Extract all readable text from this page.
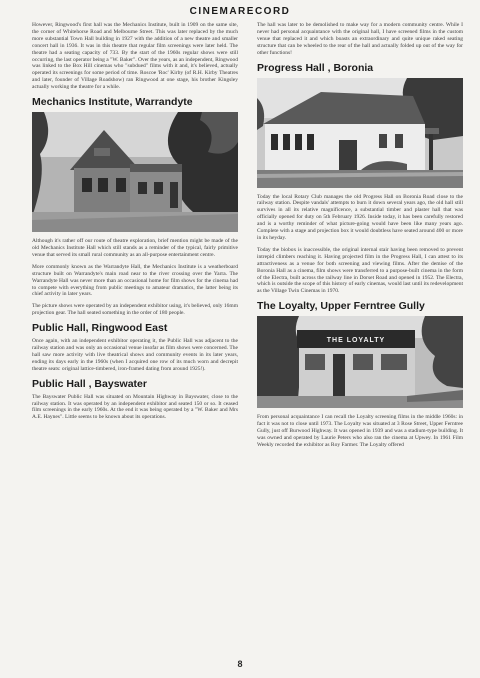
CINEMARECORD

However, Ringwood's first hall was the Mechanics Institute, built in 1909 on the same site, the corner of Whitehorse Road and Melbourne Street. This was later replaced by the much more substantial Town Hall building in 1927 with the addition of a new theatre and smaller concert hall in 1936. It was in this theatre that regular film screenings were later held. The theatre had a seating capacity of 733. By the start of the 1960s regular shows were still occurring, the last operator being a "W. Baker". Over the years, as an independent, Ringwood was linked to the Box Hill cinemas who "subdued" films with it and, it's believed, actually operated its screenings for some period of time. Roscoe 'Roc' Kirby (of R.H. Kirby Theatres and later, founder of Village Roadshow) ran Ringwood at one stage, his brother Kingsley actually working the theatre for a while.

Mechanics Institute, Warrandyte

Although it's rather off our route of theatre exploration, brief mention might be made of the old Mechanics Institute Hall which still stands as a reminder of the typical, fairly primitive venue that served its small rural community as an all-purpose entertainment centre.

More commonly known as the Warrandyte Hall, the Mechanics Institute is a weatherboard structure built on Warrandyte's main road near to the river crossing over the Yarra. The Warrandyte Hall was never more than an occasional home for film shows for the cinema had to compete with everything from public meetings to amateur dramatics, the latter being its chief activity in later years.

The picture shows were operated by an independent exhibitor using, it's believed, only 16mm projection gear. The hall seated something in the order of 180 people.

Public Hall, Ringwood East

Once again, with an independent exhibitor operating it, the Public Hall was adjacent to the railway station and was only an occasional venue insofar as film shows were concerned. The hall saw more activity with live theatrical shows and community events in its later years, ending its days early in the 1960s (when I acquired one row of its much worn and decrepit theatre seats: original lattice-timbered, iron-framed dating from around 1925!).

Public Hall , Bayswater

The Bayswater Public Hall was situated on Mountain Highway in Bayswater, close to the railway station. It was operated by an independent exhibitor and seated 150 or so. It ceased film screenings in the early 1960s. At the end it was being operated by a "W. Baker and Mrs A.E. Haynes". Little seems to be known about its operations.

The hall was later to be demolished to make way for a modern community centre. While I never had personal acquaintance with the original hall, I have screened films in the custom venue that replaced it and which boasts an extraordinary and quite unique raked seating structure that can be wheeled to the rear of the hall and actually folded up out of the way for other functions!

Progress Hall , Boronia

Today the local Rotary Club manages the old Progress Hall on Boronia Road close to the railway station. Despite vandals' attempts to burn it down several years ago, the old hall still survives in all its relative magnificence, a substantial timber and plaster hall that was officially opened for duty on 5th February 1926. Inside today, it has been carefully restored and is a worthy reminder of what picture-going would have been like many years ago. Complete with a stage and projection box it would doubtless have seated around 400 or more in its heyday.

Today the biobox is inaccessible, the original internal stair having been removed to prevent intrepid climbers reaching it. Having projected film in the Progress Hall, I can attest to its attractiveness as a venue for both screening and viewing films. After the demise of the Boronia Hall as a cinema, film shows were transferred to a purpose-built cinema in the form of the Electra, built across the railway line in Dorset Road and opened in 1952. The Electra, which is outside the scope of this history of early cinemas, would last until its redevelopment as the Village Twin Cinemas in 1970.

The Loyalty, Upper Ferntree Gully
THE LOYALTY

From personal acquaintance I can recall the Loyalty screening films in the middle 1960s: in fact it was not to close until 1973. The Loyalty was situated at 3 Rose Street, Upper Ferntree Gully, just off Burwood Highway. It was opened in 1939 and was a stadium-type building. It was owned and operated by Laurie Peters who also ran the cinema at Upwey. In 1961 Film Weekly recorded the exhibitor as Roy Farmer. The Loyalty offered

8
